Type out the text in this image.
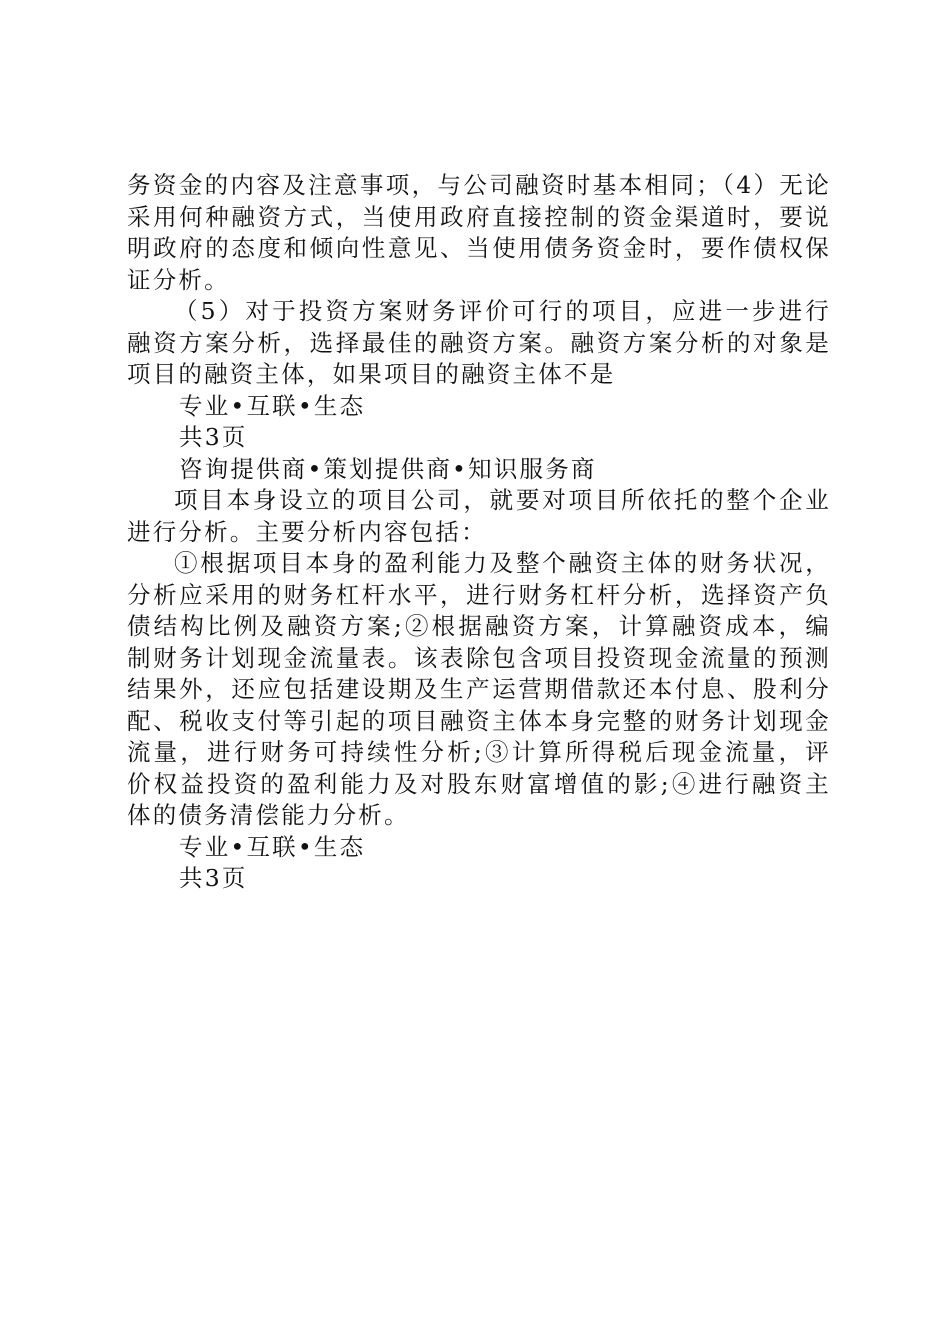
务资金的内容及注意事项，与公司融资时基本相同；（4）无论采用何种融资方式，当使用政府直接控制的资金渠道时，要说明政府的态度和倾向性意见、当使用债务资金时，要作债权保证分析。

（5）对于投资方案财务评价可行的项目，应进一步进行融资方案分析，选择最佳的融资方案。融资方案分析的对象是项目的融资主体，如果项目的融资主体不是

专业•互联•生态

共3页

咨询提供商•策划提供商•知识服务商

项目本身设立的项目公司，就要对项目所依托的整个企业进行分析。主要分析内容包括：

①根据项目本身的盈利能力及整个融资主体的财务状况，分析应采用的财务杠杆水平，进行财务杠杆分析，选择资产负债结构比例及融资方案;②根据融资方案，计算融资成本，编制财务计划现金流量表。该表除包含项目投资现金流量的预测结果外，还应包括建设期及生产运营期借款还本付息、股利分配、税收支付等引起的项目融资主体本身完整的财务计划现金流量，进行财务可持续性分析;③计算所得税后现金流量，评价权益投资的盈利能力及对股东财富增值的影;④进行融资主体的债务清偿能力分析。

专业•互联•生态

共3页
